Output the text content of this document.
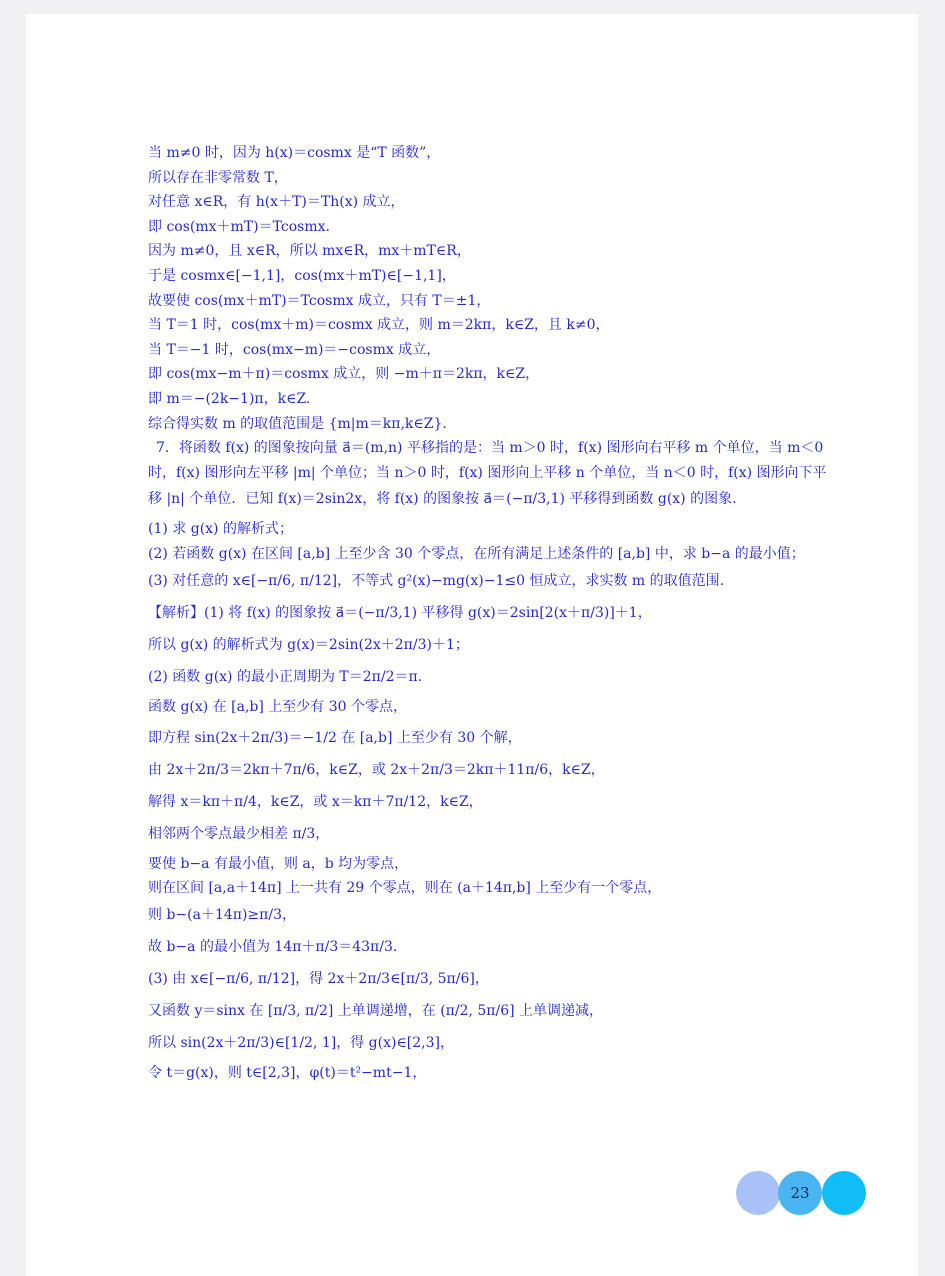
当 m≠0 时，因为 h(x)＝cosmx 是“T 函数”，
所以存在非零常数 T，
对任意 x∈R，有 h(x＋T)＝Th(x) 成立，
即 cos(mx＋mT)＝Tcosmx.
因为 m≠0，且 x∈R，所以 mx∈R，mx＋mT∈R，
于是 cosmx∈[−1,1]，cos(mx＋mT)∈[−1,1]，
故要使 cos(mx＋mT)＝Tcosmx 成立，只有 T＝±1，
当 T＝1 时，cos(mx＋m)＝cosmx 成立，则 m＝2kπ，k∈Z，且 k≠0，
当 T＝−1 时，cos(mx−m)＝−cosmx 成立，
即 cos(mx−m＋π)＝cosmx 成立，则 −m＋π＝2kπ，k∈Z，
即 m＝−(2k−1)π，k∈Z.
综合得实数 m 的取值范围是 {m|m＝kπ,k∈Z}.
7．将函数 f(x) 的图象按向量 a⃗＝(m,n) 平移指的是：当 m＞0 时，f(x) 图形向右平移 m 个单位，当 m＜0
时，f(x) 图形向左平移 |m| 个单位；当 n＞0 时，f(x) 图形向上平移 n 个单位，当 n＜0 时，f(x) 图形向下平
移 |n| 个单位．已知 f(x)＝2sin2x，将 f(x) 的图象按 a⃗＝(−π/3,1) 平移得到函数 g(x) 的图象.
(1) 求 g(x) 的解析式；
(2) 若函数 g(x) 在区间 [a,b] 上至少含 30 个零点，在所有满足上述条件的 [a,b] 中，求 b−a 的最小值；
(3) 对任意的 x∈[−π/6, π/12]，不等式 g²(x)−mg(x)−1≤0 恒成立，求实数 m 的取值范围.
【解析】(1) 将 f(x) 的图象按 a⃗＝(−π/3,1) 平移得 g(x)＝2sin[2(x＋π/3)]＋1，
所以 g(x) 的解析式为 g(x)＝2sin(2x＋2π/3)＋1；
(2) 函数 g(x) 的最小正周期为 T＝2π/2＝π.
函数 g(x) 在 [a,b] 上至少有 30 个零点，
即方程 sin(2x＋2π/3)＝−1/2 在 [a,b] 上至少有 30 个解，
由 2x＋2π/3＝2kπ＋7π/6，k∈Z，或 2x＋2π/3＝2kπ＋11π/6，k∈Z，
解得 x＝kπ＋π/4，k∈Z，或 x＝kπ＋7π/12，k∈Z，
相邻两个零点最少相差 π/3，
要使 b−a 有最小值，则 a，b 均为零点，
则在区间 [a,a＋14π] 上一共有 29 个零点，则在 (a＋14π,b] 上至少有一个零点，
则 b−(a＋14π)≥π/3，
故 b−a 的最小值为 14π＋π/3＝43π/3.
(3) 由 x∈[−π/6, π/12]，得 2x＋2π/3∈[π/3, 5π/6]，
又函数 y＝sinx 在 [π/3, π/2] 上单调递增，在 (π/2, 5π/6] 上单调递减，
所以 sin(2x＋2π/3)∈[1/2, 1]，得 g(x)∈[2,3]，
令 t＝g(x)，则 t∈[2,3]，φ(t)＝t²−mt−1，
23
